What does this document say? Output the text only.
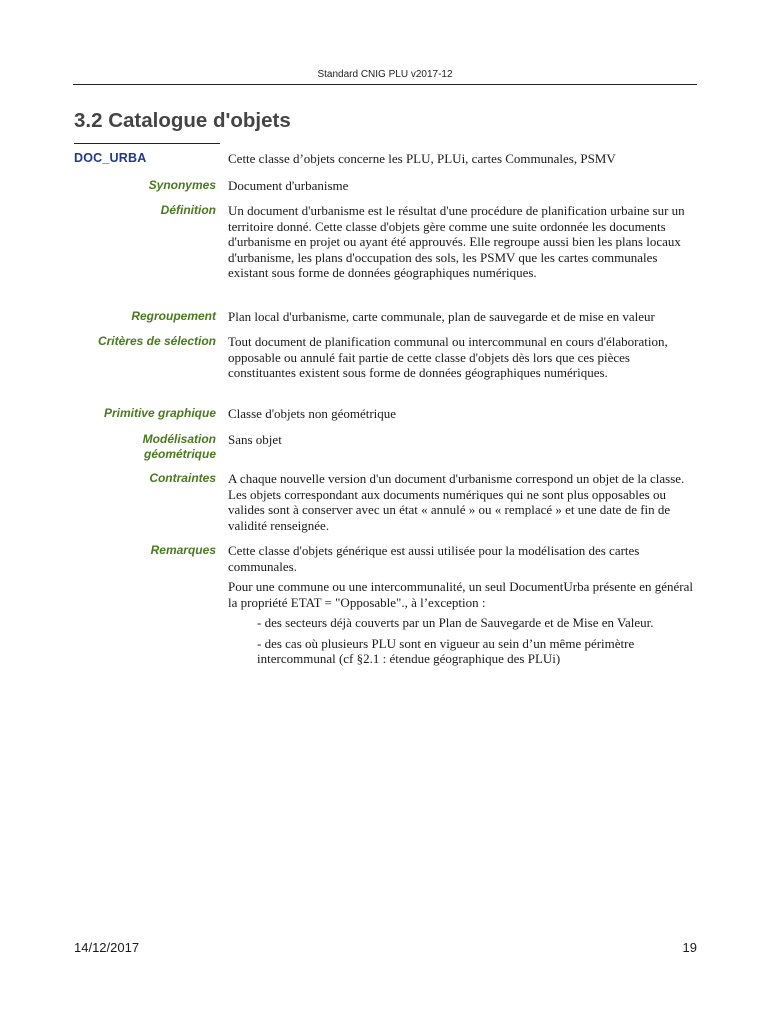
Standard CNIG PLU v2017-12
3.2 Catalogue d'objets
DOC_URBA	Cette classe d’objets concerne les PLU, PLUi, cartes Communales, PSMV
Synonymes Document d'urbanisme
Définition Un document d'urbanisme est le résultat d'une procédure de planification urbaine sur un territoire donné. Cette classe d'objets gère comme une suite ordonnée les documents d'urbanisme en projet ou ayant été approuvés. Elle regroupe aussi bien les plans locaux d'urbanisme, les plans d'occupation des sols, les PSMV que les cartes communales existant sous forme de données géographiques numériques.
Regroupement Plan local d'urbanisme, carte communale, plan de sauvegarde et de mise en valeur
Critères de sélection Tout document de planification communal ou intercommunal en cours d'élaboration, opposable ou annulé fait partie de cette classe d'objets dès lors que ces pièces constituantes existent sous forme de données géographiques numériques.
Primitive graphique Classe d'objets non géométrique
Modélisation géométrique
Sans objet
Contraintes A chaque nouvelle version d'un document d'urbanisme correspond un objet de la classe. Les objets correspondant aux documents numériques qui ne sont plus opposables ou valides sont à conserver avec un état « annulé » ou « remplacé » et une date de fin de validité renseignée.
Remarques Cette classe d'objets générique est aussi utilisée pour la modélisation des cartes communales.

Pour une commune ou une intercommunalité, un seul DocumentUrba présente en général la propriété ETAT = "Opposable"., à l’exception :

- des secteurs déjà couverts par un Plan de Sauvegarde et de Mise en Valeur.
- des cas où plusieurs PLU sont en vigueur au sein d’un même périmètre intercommunal (cf §2.1 : étendue géographique des PLUi)
14/12/2017	19
